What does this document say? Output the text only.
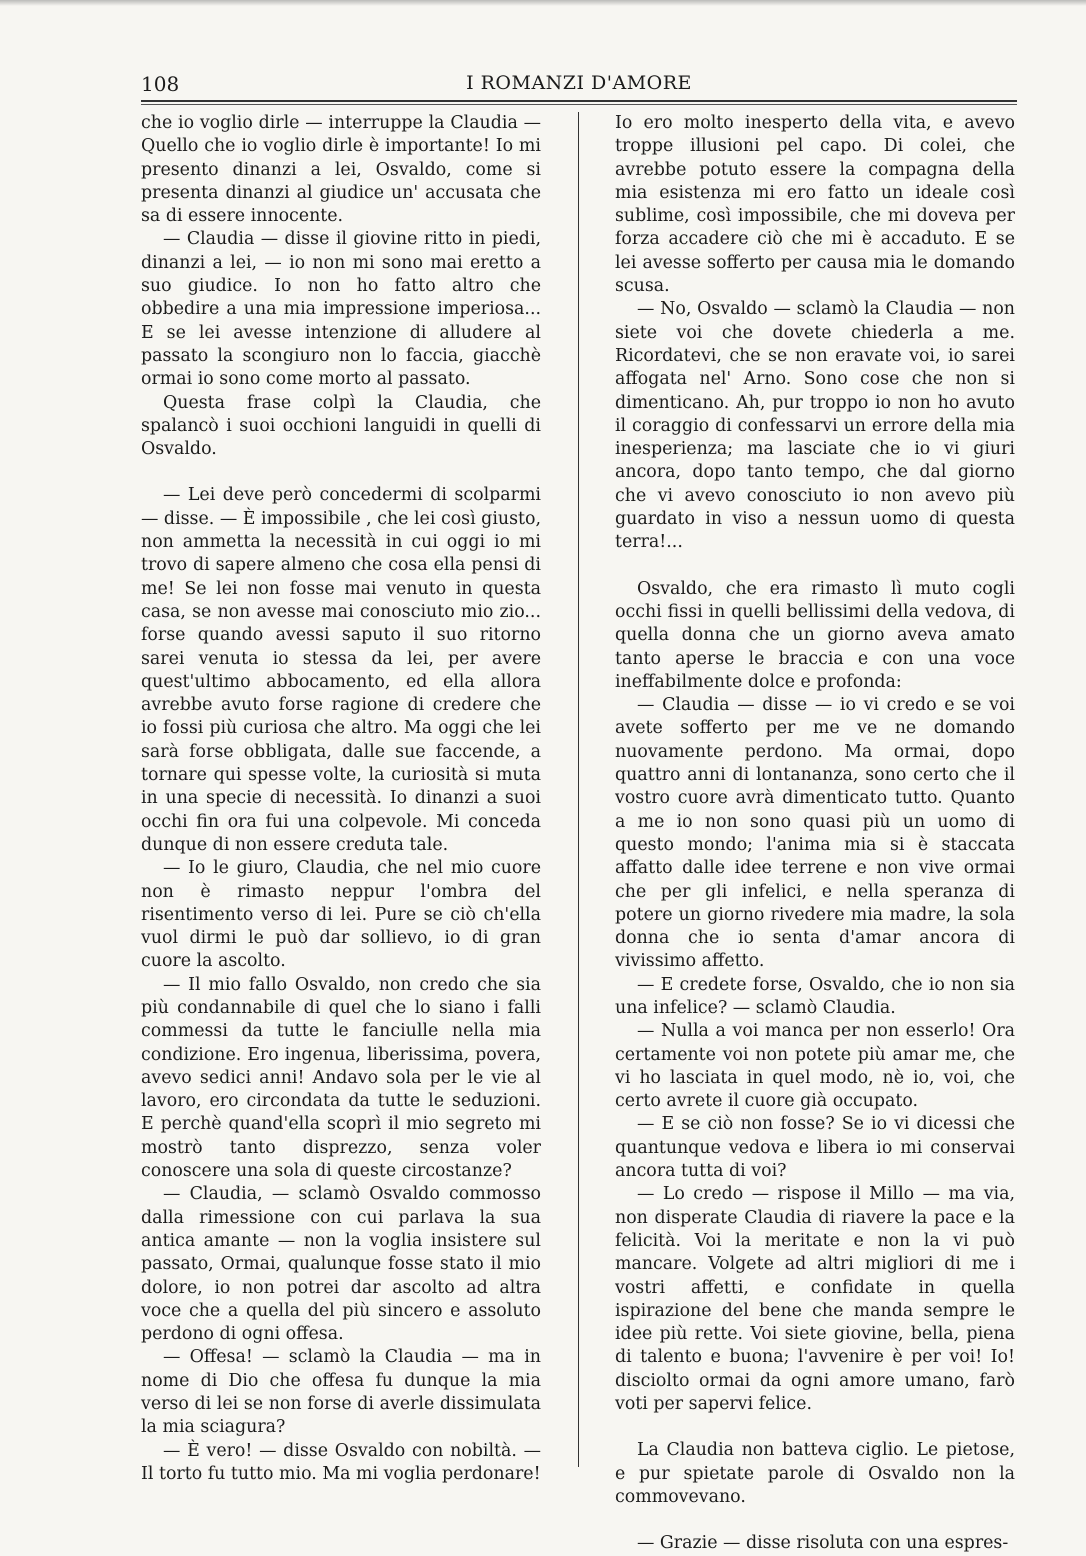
108	I ROMANZI D'AMORE

che io voglio dirle — interruppe la Claudia — Quello che io voglio dirle è importante! Io mi presento dinanzi a lei, Osvaldo, come si presenta dinanzi al giudice un' accusata che sa di essere innocente.

— Claudia — disse il giovine ritto in piedi, dinanzi a lei, — io non mi sono mai eretto a suo giudice. Io non ho fatto altro che obbedire a una mia impressione imperiosa... E se lei avesse intenzione di alludere al passato la scongiuro non lo faccia, giacchè ormai io sono come morto al passato.

Questa frase colpì la Claudia, che spalancò i suoi occhioni languidi in quelli di Osvaldo.

— Lei deve però concedermi di scolparmi — disse. — È impossibile , che lei così giusto, non ammetta la necessità in cui oggi io mi trovo di sapere almeno che cosa ella pensi di me! Se lei non fosse mai venuto in questa casa, se non avesse mai conosciuto mio zio... forse quando avessi saputo il suo ritorno sarei venuta io stessa da lei, per avere quest'ultimo abbocamento, ed ella allora avrebbe avuto forse ragione di credere che io fossi più curiosa che altro. Ma oggi che lei sarà forse obbligata, dalle sue faccende, a tornare qui spesse volte, la curiosità si muta in una specie di necessità. Io dinanzi a suoi occhi fin ora fui una colpevole. Mi conceda dunque di non essere creduta tale.

— Io le giuro, Claudia, che nel mio cuore non è rimasto neppur l'ombra del risentimento verso di lei. Pure se ciò ch'ella vuol dirmi le può dar sollievo, io di gran cuore la ascolto.

— Il mio fallo Osvaldo, non credo che sia più condannabile di quel che lo siano i falli commessi da tutte le fanciulle nella mia condizione. Ero ingenua, liberissima, povera, avevo sedici anni! Andavo sola per le vie al lavoro, ero circondata da tutte le seduzioni. E perchè quand'ella scoprì il mio segreto mi mostrò tanto disprezzo, senza voler conoscere una sola di queste circostanze?

— Claudia, — sclamò Osvaldo commosso dalla rimessione con cui parlava la sua antica amante — non la voglia insistere sul passato, Ormai, qualunque fosse stato il mio dolore, io non potrei dar ascolto ad altra voce che a quella del più sincero e assoluto perdono di ogni offesa.

— Offesa! — sclamò la Claudia — ma in nome di Dio che offesa fu dunque la mia verso di lei se non forse di averle dissimulata la mia sciagura?

— È vero! — disse Osvaldo con nobiltà. — Il torto fu tutto mio. Ma mi voglia perdonare!

Io ero molto inesperto della vita, e avevo troppe illusioni pel capo. Di colei, che avrebbe potuto essere la compagna della mia esistenza mi ero fatto un ideale così sublime, così impossibile, che mi doveva per forza accadere ciò che mi è accaduto. E se lei avesse sofferto per causa mia le domando scusa.

— No, Osvaldo — sclamò la Claudia — non siete voi che dovete chiederla a me. Ricordatevi, che se non eravate voi, io sarei affogata nel' Arno. Sono cose che non si dimenticano. Ah, pur troppo io non ho avuto il coraggio di confessarvi un errore della mia inesperienza; ma lasciate che io vi giuri ancora, dopo tanto tempo, che dal giorno che vi avevo conosciuto io non avevo più guardato in viso a nessun uomo di questa terra!...

Osvaldo, che era rimasto lì muto cogli occhi fissi in quelli bellissimi della vedova, di quella donna che un giorno aveva amato tanto aperse le braccia e con una voce ineffabilmente dolce e profonda:

— Claudia — disse — io vi credo e se voi avete sofferto per me ve ne domando nuovamente perdono. Ma ormai, dopo quattro anni di lontananza, sono certo che il vostro cuore avrà dimenticato tutto. Quanto a me io non sono quasi più un uomo di questo mondo; l'anima mia si è staccata affatto dalle idee terrene e non vive ormai che per gli infelici, e nella speranza di potere un giorno rivedere mia madre, la sola donna che io senta d'amar ancora di vivissimo affetto.

— E credete forse, Osvaldo, che io non sia una infelice? — sclamò Claudia.

— Nulla a voi manca per non esserlo! Ora certamente voi non potete più amar me, che vi ho lasciata in quel modo, nè io, voi, che certo avrete il cuore già occupato.

— E se ciò non fosse? Se io vi dicessi che quantunque vedova e libera io mi conservai ancora tutta di voi?

— Lo credo — rispose il Millo — ma via, non disperate Claudia di riavere la pace e la felicità. Voi la meritate e non la vi può mancare. Volgete ad altri migliori di me i vostri affetti, e confidate in quella ispirazione del bene che manda sempre le idee più rette. Voi siete giovine, bella, piena di talento e buona; l'avvenire è per voi! Io! disciolto ormai da ogni amore umano, farò voti per sapervi felice.

La Claudia non batteva ciglio. Le pietose, e pur spietate parole di Osvaldo non la commovevano.

— Grazie — disse risoluta con una espres-
